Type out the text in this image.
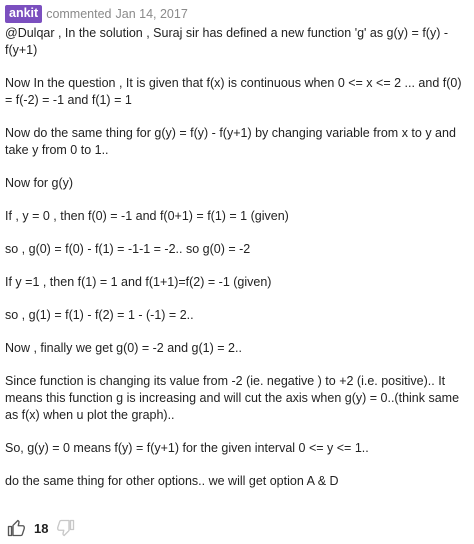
ankit commented Jan 14, 2017

@Dulqar , In the solution , Suraj sir has defined a new function 'g' as g(y) = f(y) - f(y+1)

Now In the question , It is given that f(x) is continuous when 0 <= x <= 2 ... and f(0) = f(-2) = -1 and f(1) = 1

Now do the same thing for g(y) = f(y) - f(y+1) by changing variable from x to y and take y from 0 to 1..

Now for g(y)

If , y = 0 , then f(0) = -1 and f(0+1) = f(1) = 1 (given)

so , g(0) = f(0) - f(1) = -1-1 = -2.. so g(0) = -2

If y =1 , then f(1) = 1 and f(1+1)=f(2) = -1 (given)

so , g(1) = f(1) - f(2) = 1 - (-1) = 2..

Now , finally we get g(0) = -2 and g(1) = 2..

Since function is changing its value from -2 (ie. negative ) to +2 (i.e. positive).. It means this function g is increasing and will cut the axis when g(y) = 0..(think same as f(x) when u plot the graph)..

So, g(y) = 0 means f(y) = f(y+1) for the given interval 0 <= y <= 1..

do the same thing for other options.. we will get option A & D

18
